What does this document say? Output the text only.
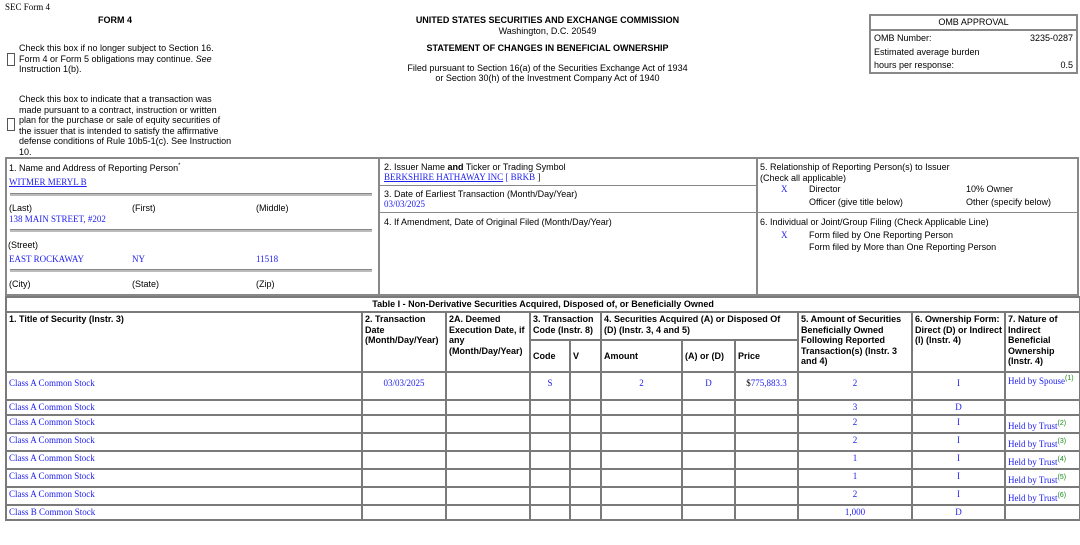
SEC Form 4
FORM 4
Check this box if no longer subject to Section 16. Form 4 or Form 5 obligations may continue. See Instruction 1(b).
Check this box to indicate that a transaction was made pursuant to a contract, instruction or written plan for the purchase or sale of equity securities of the issuer that is intended to satisfy the affirmative defense conditions of Rule 10b5-1(c). See Instruction 10.
UNITED STATES SECURITIES AND EXCHANGE COMMISSION
Washington, D.C. 20549
STATEMENT OF CHANGES IN BENEFICIAL OWNERSHIP
Filed pursuant to Section 16(a) of the Securities Exchange Act of 1934
or Section 30(h) of the Investment Company Act of 1940
OMB APPROVAL
OMB Number:	3235-0287
Estimated average burden
hours per response:	0.5
1. Name and Address of Reporting Person*
WITMER MERYL B
(Last)	(First)	(Middle)
138 MAIN STREET, #202
(Street)
EAST ROCKAWAY	NY	11518
(City)	(State)	(Zip)
2. Issuer Name and Ticker or Trading Symbol
BERKSHIRE HATHAWAY INC [ BRKB ]
3. Date of Earliest Transaction (Month/Day/Year)
03/03/2025
4. If Amendment, Date of Original Filed (Month/Day/Year)
5. Relationship of Reporting Person(s) to Issuer
(Check all applicable)
X Director	10% Owner
Officer (give title below)	Other (specify below)
6. Individual or Joint/Group Filing (Check Applicable Line)
X Form filed by One Reporting Person
Form filed by More than One Reporting Person
Table I - Non-Derivative Securities Acquired, Disposed of, or Beneficially Owned										
1. Title of Security (Instr. 3)	2. Transaction Date (Month/Day/Year)	2A. Deemed Execution Date, if any (Month/Day/Year)	3. Transaction Code (Instr. 8)		4. Securities Acquired (A) or Disposed Of (D) (Instr. 3, 4 and 5)			5. Amount of Securities Beneficially Owned Following Reported Transaction(s) (Instr. 3 and 4)	6. Ownership Form: Direct (D) or Indirect (I) (Instr. 4)	7. Nature of Indirect Beneficial Ownership (Instr. 4)
			Code	V	Amount	(A) or (D)	Price			
Class A Common Stock	03/03/2025		S		2	D	$775,883.3	2	I	Held by Spouse$^{(1)}$
Class A Common Stock								3	D	
Class A Common Stock								2	I	Held by Trust$^{(2)}$
Class A Common Stock								2	I	Held by Trust$^{(3)}$
Class A Common Stock								1	I	Held by Trust$^{(4)}$
Class A Common Stock								1	I	Held by Trust$^{(5)}$
Class A Common Stock								2	I	Held by Trust$^{(6)}$
Class B Common Stock								1,000	D	
